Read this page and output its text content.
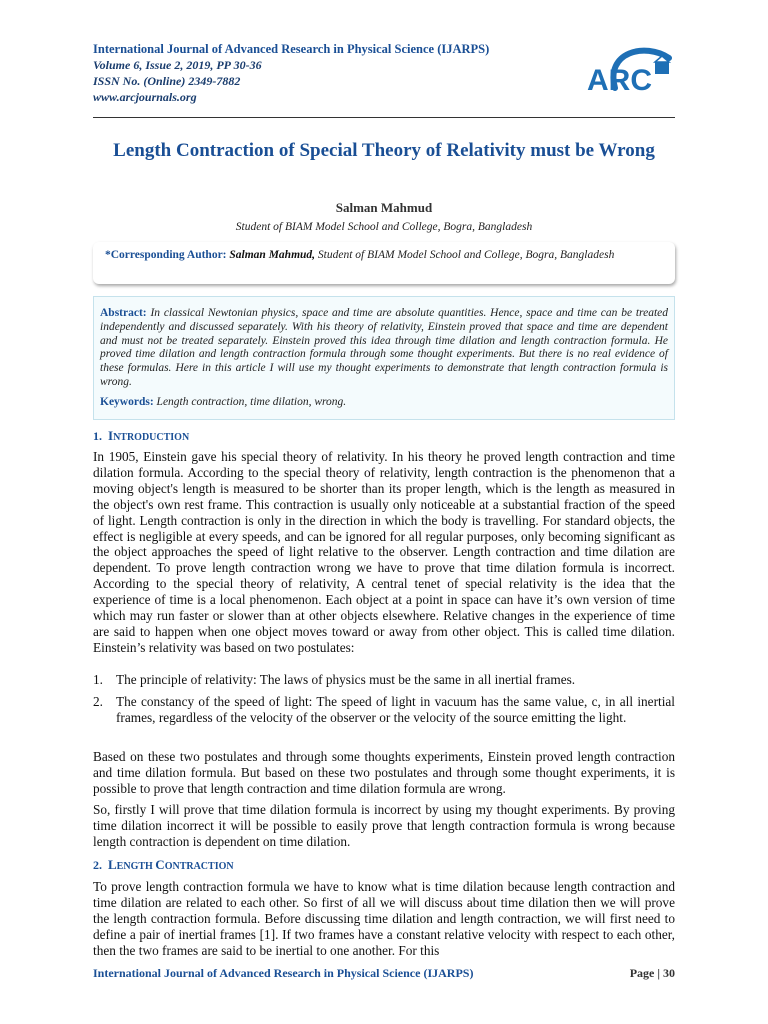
International Journal of Advanced Research in Physical Science (IJARPS)
Volume 6, Issue 2, 2019, PP 30-36
ISSN No. (Online) 2349-7882
www.arcjournals.org	ARC
Length Contraction of Special Theory of Relativity must be Wrong
Salman Mahmud
Student of BIAM Model School and College, Bogra, Bangladesh
*Corresponding Author: Salman Mahmud, Student of BIAM Model School and College, Bogra, Bangladesh
Abstract: In classical Newtonian physics, space and time are absolute quantities. Hence, space and time can be treated independently and discussed separately. With his theory of relativity, Einstein proved that space and time are dependent and must not be treated separately. Einstein proved this idea through time dilation and length contraction formula. He proved time dilation and length contraction formula through some thought experiments. But there is no real evidence of these formulas. Here in this article I will use my thought experiments to demonstrate that length contraction formula is wrong.
Keywords: Length contraction, time dilation, wrong.
1. INTRODUCTION

In 1905, Einstein gave his special theory of relativity. In his theory he proved length contraction and time dilation formula. According to the special theory of relativity, length contraction is the phenomenon that a moving object's length is measured to be shorter than its proper length, which is the length as measured in the object's own rest frame. This contraction is usually only noticeable at a substantial fraction of the speed of light. Length contraction is only in the direction in which the body is travelling. For standard objects, the effect is negligible at every speeds, and can be ignored for all regular purposes, only becoming significant as the object approaches the speed of light relative to the observer. Length contraction and time dilation are dependent. To prove length contraction wrong we have to prove that time dilation formula is incorrect. According to the special theory of relativity, A central tenet of special relativity is the idea that the experience of time is a local phenomenon. Each object at a point in space can have it’s own version of time which may run faster or slower than at other objects elsewhere. Relative changes in the experience of time are said to happen when one object moves toward or away from other object. This is called time dilation. Einstein’s relativity was based on two postulates:

1. The principle of relativity: The laws of physics must be the same in all inertial frames.
2. The constancy of the speed of light: The speed of light in vacuum has the same value, c, in all inertial frames, regardless of the velocity of the observer or the velocity of the source emitting the light.

Based on these two postulates and through some thoughts experiments, Einstein proved length contraction and time dilation formula. But based on these two postulates and through some thought experiments, it is possible to prove that length contraction and time dilation formula are wrong.

So, firstly I will prove that time dilation formula is incorrect by using my thought experiments. By proving time dilation incorrect it will be possible to easily prove that length contraction formula is wrong because length contraction is dependent on time dilation.

2. LENGTH CONTRACTION

To prove length contraction formula we have to know what is time dilation because length contraction and time dilation are related to each other. So first of all we will discuss about time dilation then we will prove the length contraction formula. Before discussing time dilation and length contraction, we will first need to define a pair of inertial frames [1]. If two frames have a constant relative velocity with respect to each other, then the two frames are said to be inertial to one another. For this

International Journal of Advanced Research in Physical Science (IJARPS)	Page | 30
